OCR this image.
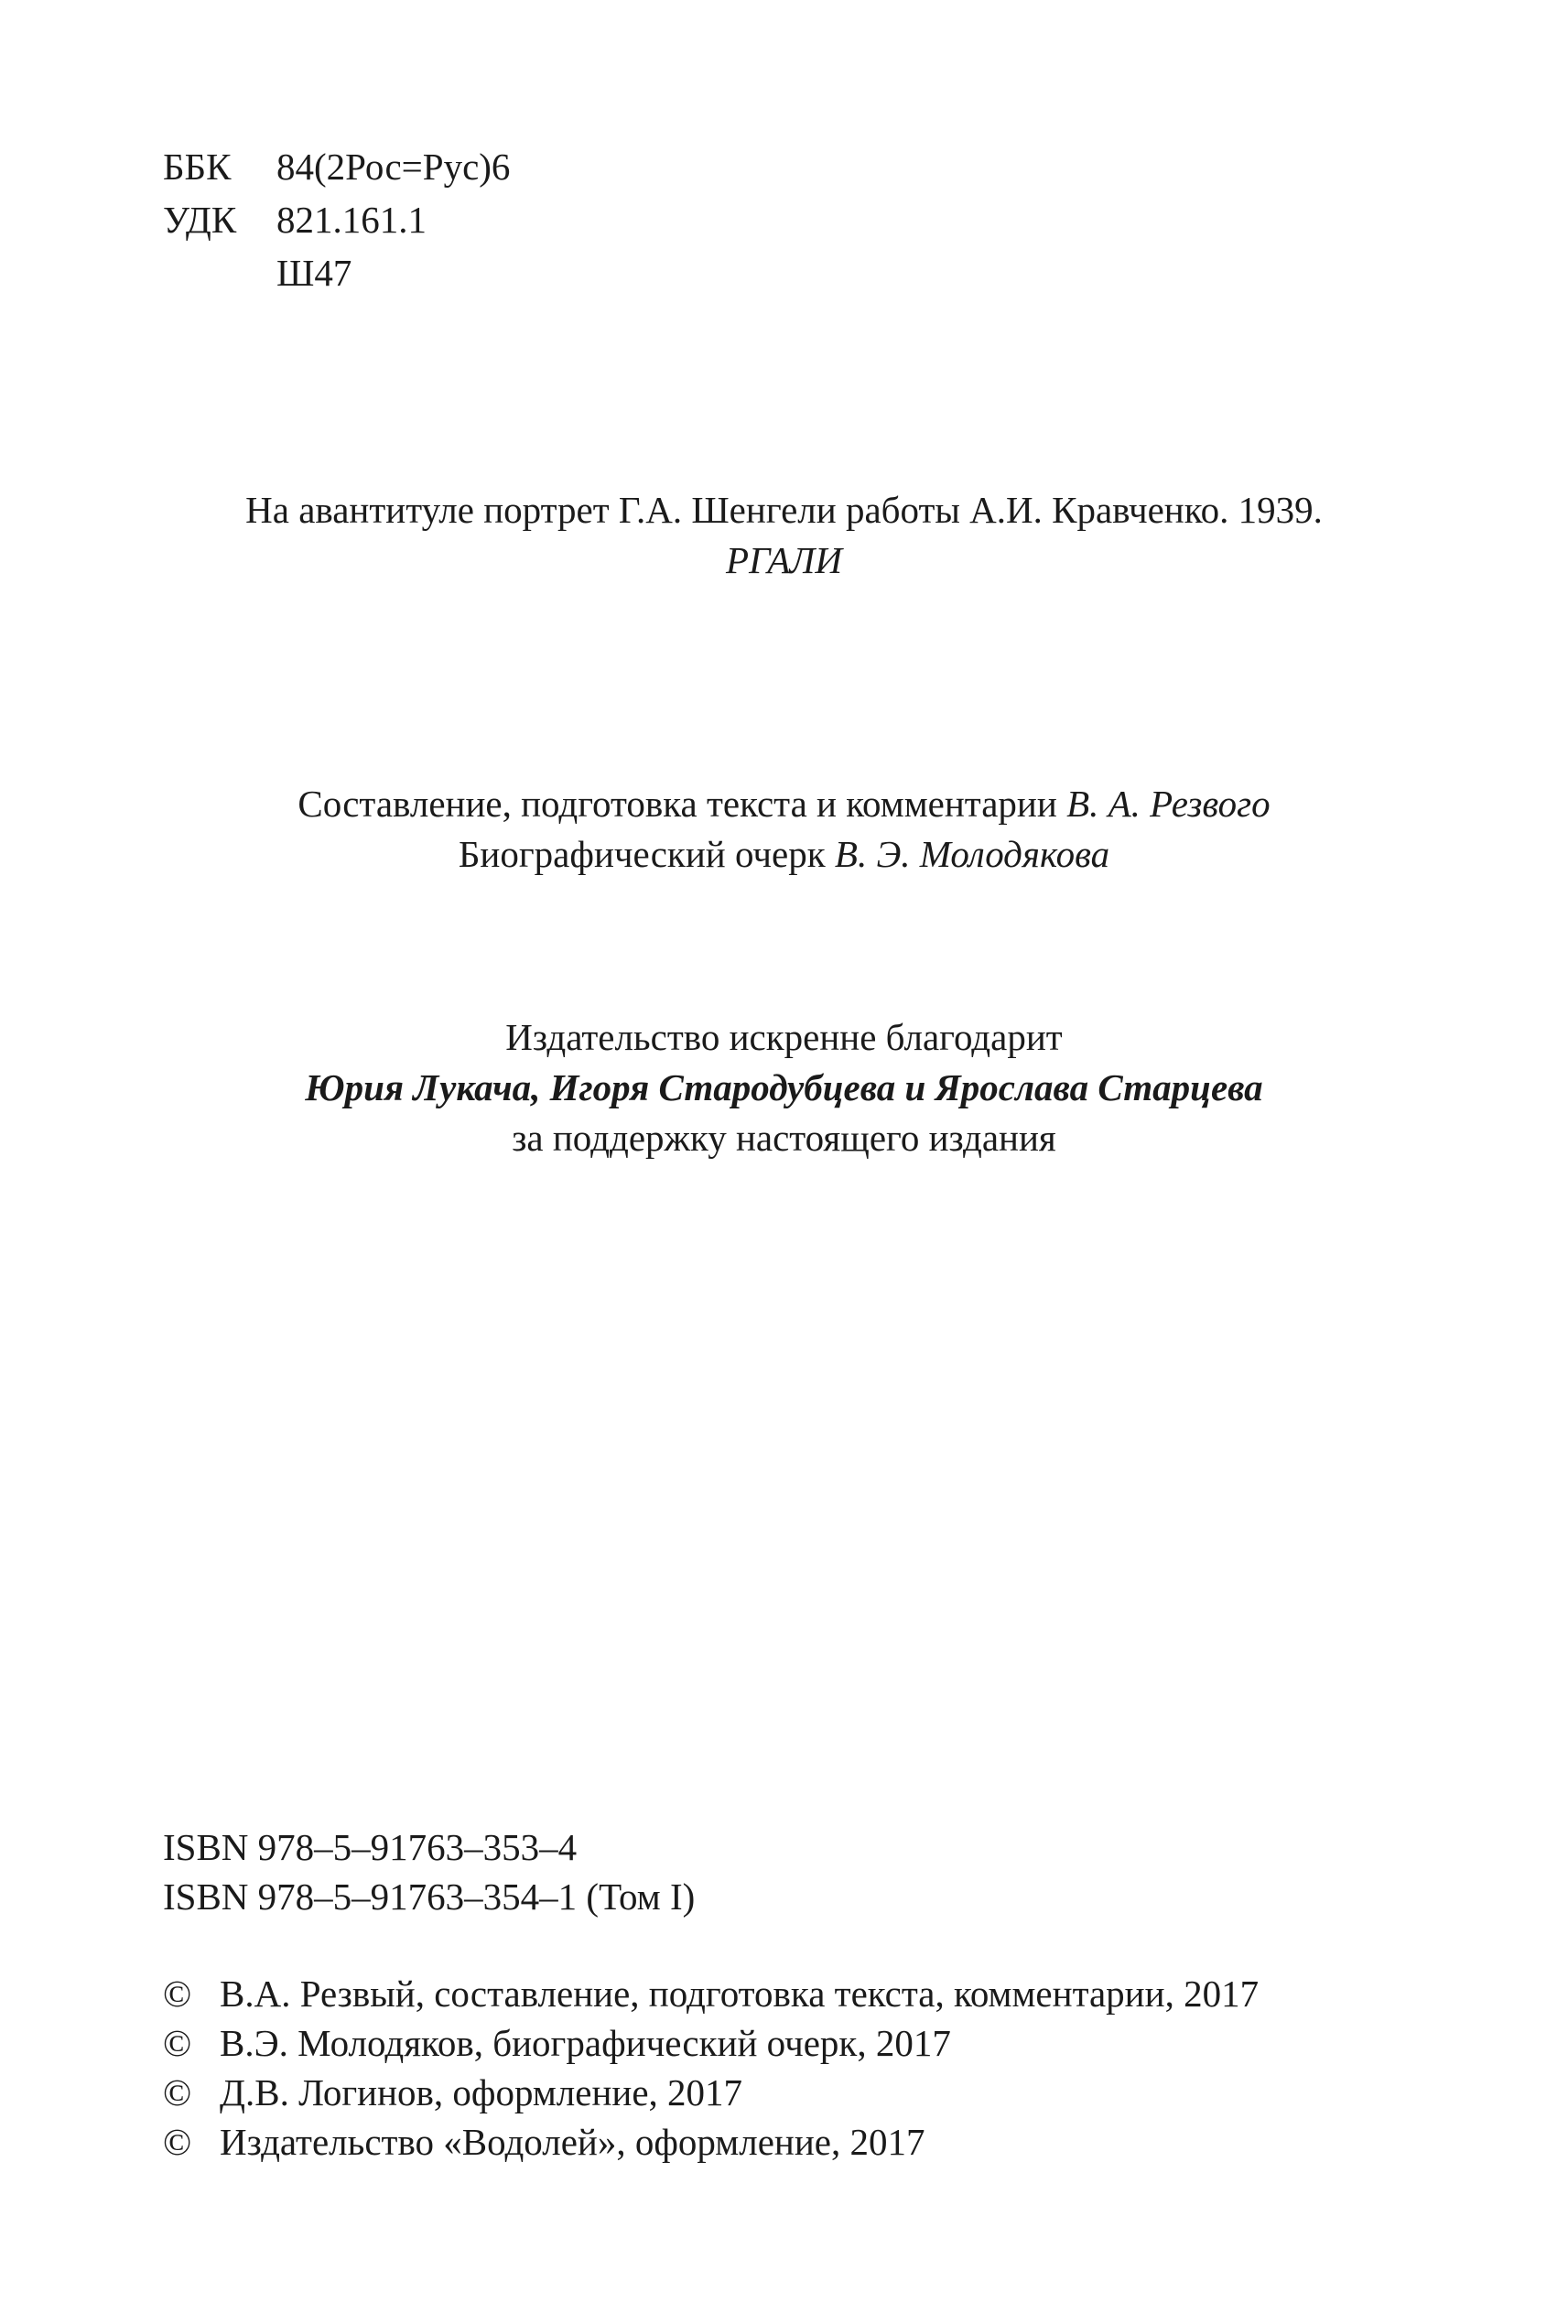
ББК 84(2Рос=Рус)6
УДК 821.161.1
Ш47
На авантитуле портрет Г.А. Шенгели работы А.И. Кравченко. 1939.
РГАЛИ
Составление, подготовка текста и комментарии В. А. Резвого
Биографический очерк В. Э. Молодякова
Издательство искренне благодарит
Юрия Лукача, Игоря Стародубцева и Ярослава Старцева
за поддержку настоящего издания
ISBN 978–5–91763–353–4
ISBN 978–5–91763–354–1 (Том I)
© В.А. Резвый, составление, подготовка текста, комментарии, 2017
© В.Э. Молодяков, биографический очерк, 2017
© Д.В. Логинов, оформление, 2017
© Издательство «Водолей», оформление, 2017
